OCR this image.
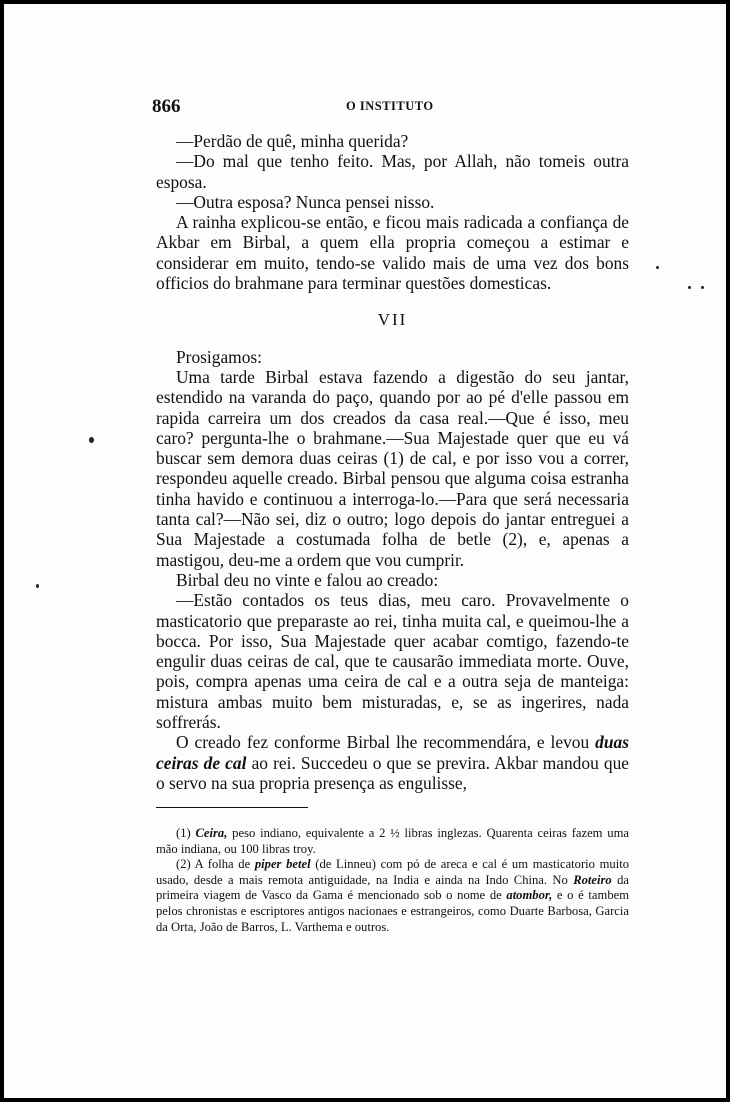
866	O INSTITUTO

—Perdão de quê, minha querida?

—Do mal que tenho feito. Mas, por Allah, não tomeis outra esposa.

—Outra esposa? Nunca pensei nisso.

A rainha explicou-se então, e ficou mais radicada a confiança de Akbar em Birbal, a quem ella propria começou a estimar e considerar em muito, tendo-se valido mais de uma vez dos bons officios do brahmane para terminar questões domesticas.

VII

Prosigamos:

Uma tarde Birbal estava fazendo a digestão do seu jantar, estendido na varanda do paço, quando por ao pé d'elle passou em rapida carreira um dos creados da casa real.—Que é isso, meu caro? pergunta-lhe o brahmane.—Sua Majestade quer que eu vá buscar sem demora duas ceiras (1) de cal, e por isso vou a correr, respondeu aquelle creado. Birbal pensou que alguma coisa estranha tinha havido e continuou a interroga-lo.—Para que será necessaria tanta cal?—Não sei, diz o outro; logo depois do jantar entreguei a Sua Majestade a costumada folha de betle (2), e, apenas a mastigou, deu-me a ordem que vou cumprir.

Birbal deu no vinte e falou ao creado:

—Estão contados os teus dias, meu caro. Provavelmente o masticatorio que preparaste ao rei, tinha muita cal, e queimou-lhe a bocca. Por isso, Sua Majestade quer acabar comtigo, fazendo-te engulir duas ceiras de cal, que te causarão immediata morte. Ouve, pois, compra apenas uma ceira de cal e a outra seja de manteiga: mistura ambas muito bem misturadas, e, se as ingerires, nada soffrerás.

O creado fez conforme Birbal lhe recommendára, e levou duas ceiras de cal ao rei. Succedeu o que se previra. Akbar mandou que o servo na sua propria presença as engulisse,

(1) Ceira, peso indiano, equivalente a 2 ½ libras inglezas. Quarenta ceiras fazem uma mão indiana, ou 100 libras troy.

(2) A folha de piper betel (de Linneu) com pó de areca e cal é um masticatorio muito usado, desde a mais remota antiguidade, na India e ainda na Indo China. No Roteiro da primeira viagem de Vasco da Gama é mencionado sob o nome de atombor, e o é tambem pelos chronistas e escriptores antigos nacionaes e estrangeiros, como Duarte Barbosa, Garcia da Orta, João de Barros, L. Varthema e outros.
